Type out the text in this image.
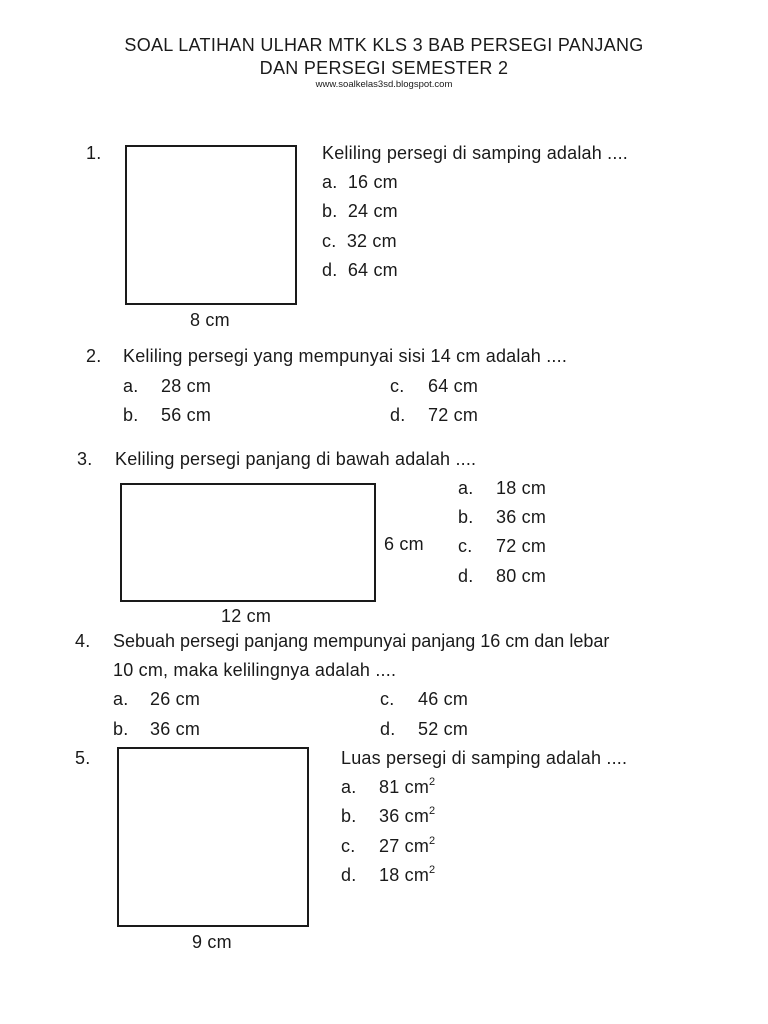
SOAL LATIHAN ULHAR MTK KLS 3 BAB PERSEGI PANJANG
DAN PERSEGI SEMESTER 2
www.soalkelas3sd.blogspot.com
1.
8 cm
Keliling persegi di samping adalah ....
a. 16 cm
b. 24 cm
c. 32 cm
d. 64 cm
2. Keliling persegi yang mempunyai sisi 14 cm adalah ....
a. 28 cm
b. 56 cm
c. 64 cm
d. 72 cm
3. Keliling persegi panjang di bawah adalah ....
12 cm
6 cm
a. 18 cm
b. 36 cm
c. 72 cm
d. 80 cm
4. Sebuah persegi panjang mempunyai panjang 16 cm dan lebar
10 cm, maka kelilingnya adalah ....
a. 26 cm
b. 36 cm
c. 46 cm
d. 52 cm
5.
9 cm
Luas persegi di samping adalah ....
a. 81 $cm^2$
b. 36 $cm^2$
c. 27 $cm^2$
d. 18 $cm^2$
